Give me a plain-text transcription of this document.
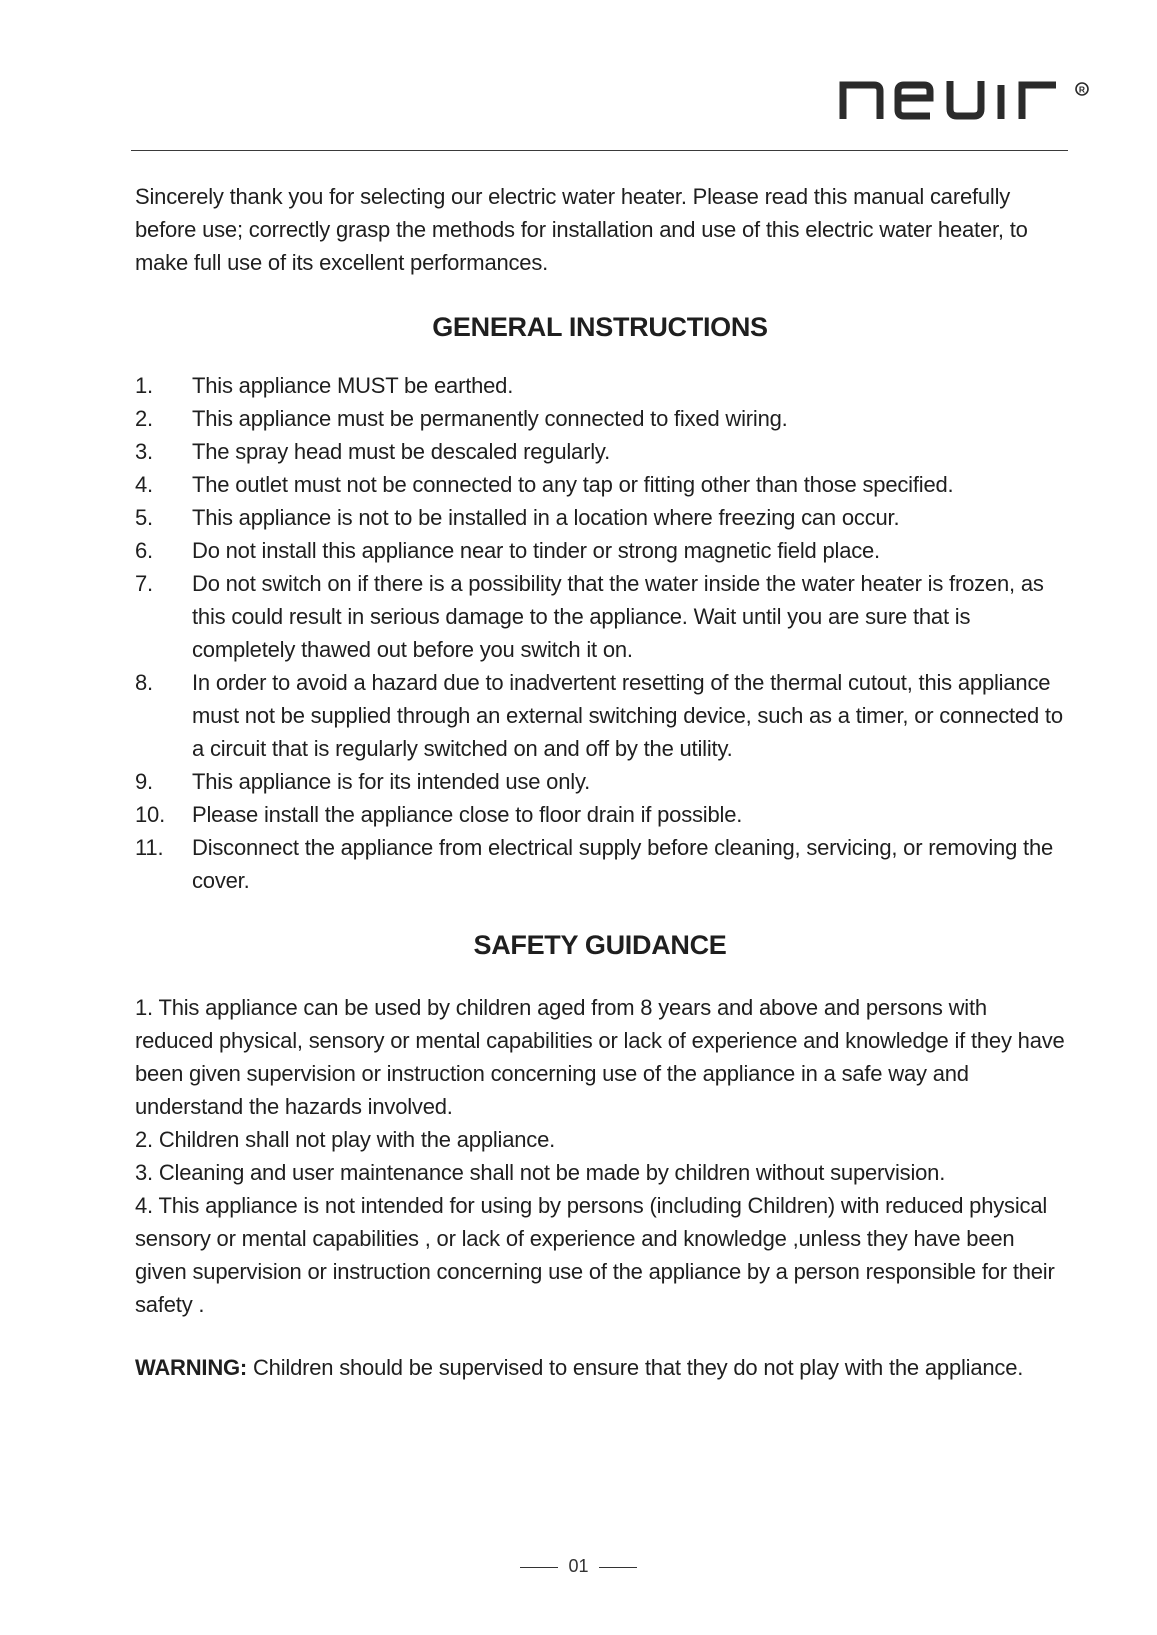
R

Sincerely thank you for selecting our electric water heater. Please read this manual carefully before use; correctly grasp the methods for installation and use of this electric water heater, to make full use of its excellent performances.

GENERAL INSTRUCTIONS
1.	This appliance MUST be earthed.
2.	This appliance must be permanently connected to fixed wiring.
3.	The spray head must be descaled regularly.
4.	The outlet must not be connected to any tap or fitting other than those specified.
5.	This appliance is not to be installed in a location where freezing can occur.
6.	Do not install this appliance near to tinder or strong magnetic field place.
7.	Do not switch on if there is a possibility that the water inside the water heater is frozen, as this could result in serious damage to the appliance. Wait until you are sure that is completely thawed out before you switch it on.
8.	In order to avoid a hazard due to inadvertent resetting of the thermal cutout, this appliance must not be supplied through an external switching device, such as a timer, or connected to a circuit that is regularly switched on and off by the utility.
9.	This appliance is for its intended use only.
10.	Please install the appliance close to floor drain if possible.
11.	Disconnect the appliance from electrical supply before cleaning, servicing, or removing the cover.
SAFETY GUIDANCE

1. This appliance can be used by children aged from 8 years and above and persons with reduced physical, sensory or mental capabilities or lack of experience and knowledge if they have been given supervision or instruction concerning use of the appliance in a safe way and understand the hazards involved.

2. Children shall not play with the appliance.

3. Cleaning and user maintenance shall not be made by children without supervision.

4. This appliance is not intended for using by persons (including Children) with reduced physical sensory or mental capabilities , or lack of experience and knowledge ,unless they have been given supervision or instruction concerning use of the appliance by a person responsible for their safety .

WARNING: Children should be supervised to ensure that they do not play with the appliance.

01
